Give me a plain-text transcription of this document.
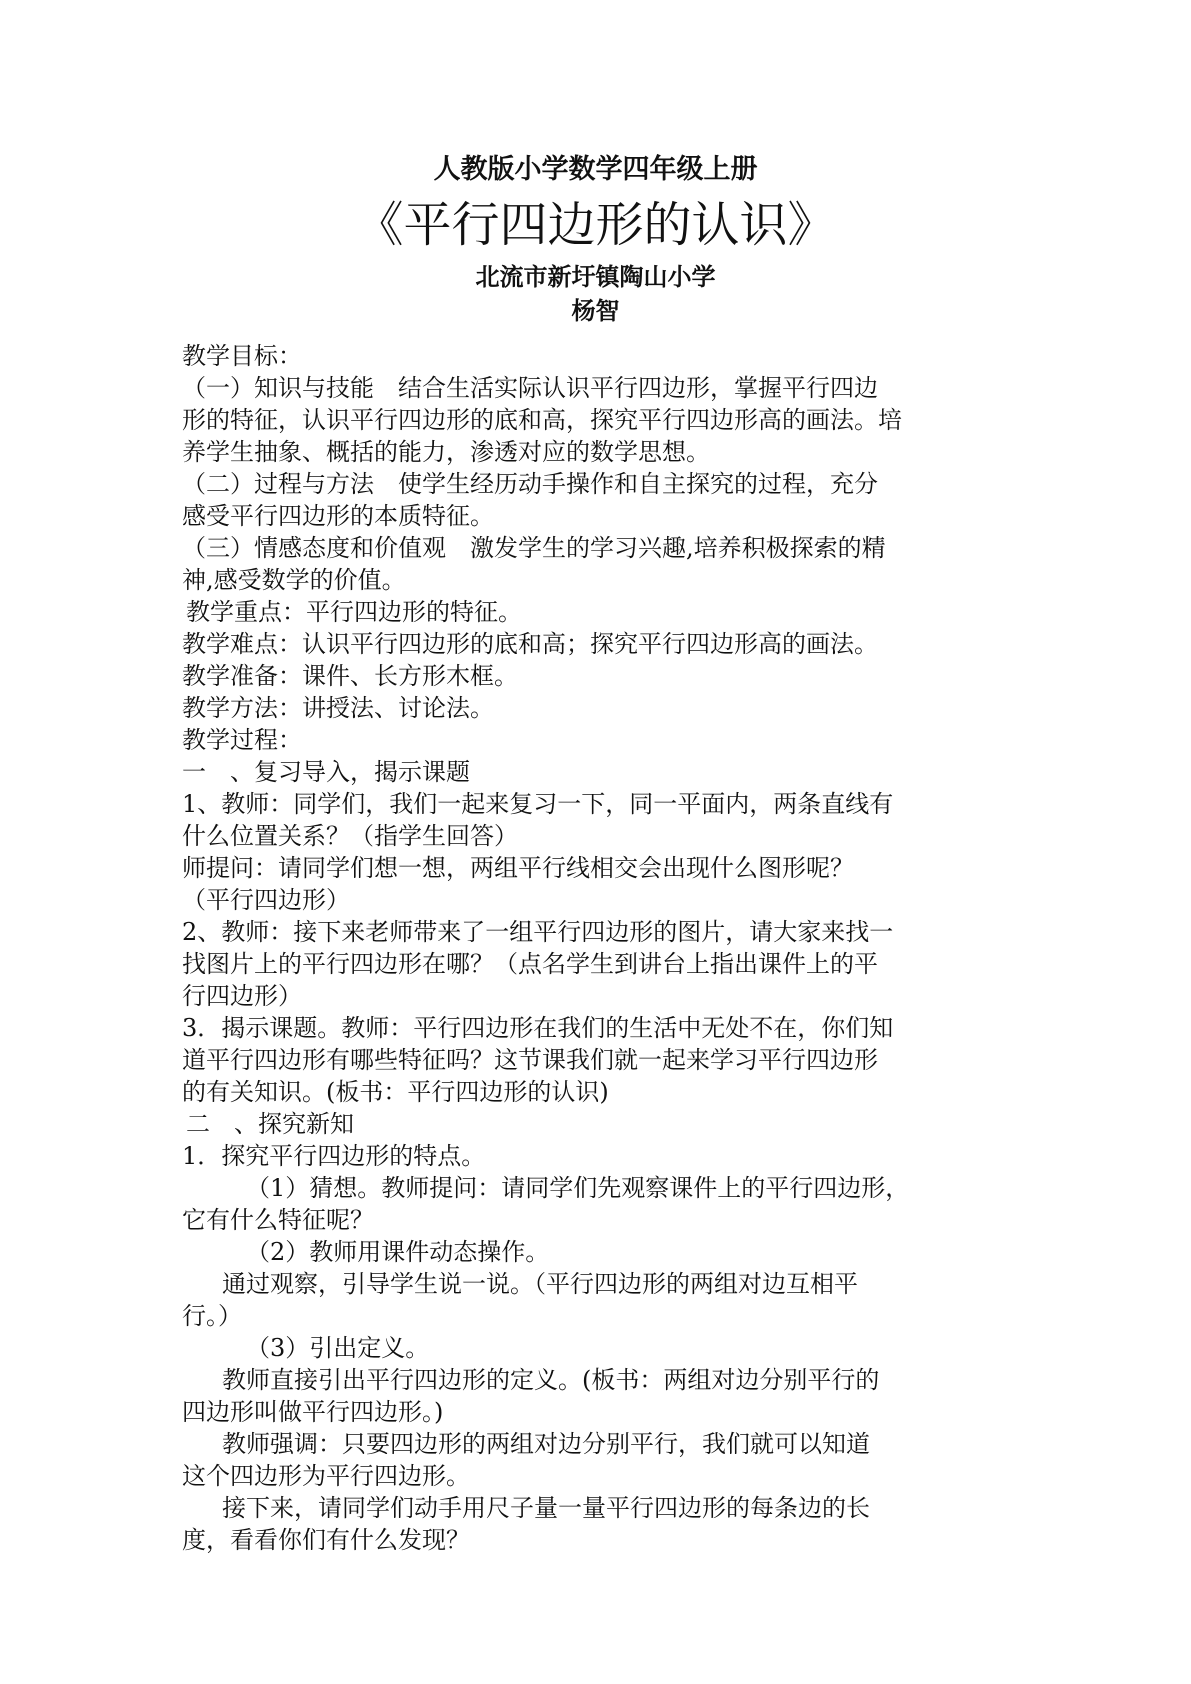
人教版小学数学四年级上册
《平行四边形的认识》
北流市新圩镇陶山小学
杨智
教学目标：
（一）知识与技能　结合生活实际认识平行四边形，掌握平行四边
形的特征，认识平行四边形的底和高，探究平行四边形高的画法。培
养学生抽象、概括的能力，渗透对应的数学思想。
（二）过程与方法　使学生经历动手操作和自主探究的过程，充分
感受平行四边形的本质特征。
（三）情感态度和价值观　激发学生的学习兴趣,培养积极探索的精
神,感受数学的价值。
教学重点：平行四边形的特征。
教学难点：认识平行四边形的底和高；探究平行四边形高的画法。
教学准备：课件、长方形木框。
教学方法：讲授法、讨论法。
教学过程：
一　、复习导入，揭示课题
1、教师：同学们，我们一起来复习一下，同一平面内，两条直线有
什么位置关系？（指学生回答）
师提问：请同学们想一想，两组平行线相交会出现什么图形呢？
（平行四边形）
2、教师：接下来老师带来了一组平行四边形的图片，请大家来找一
找图片上的平行四边形在哪？（点名学生到讲台上指出课件上的平
行四边形）
3．揭示课题。教师：平行四边形在我们的生活中无处不在，你们知
道平行四边形有哪些特征吗？这节课我们就一起来学习平行四边形
的有关知识。(板书：平行四边形的认识)
二　、探究新知
1．探究平行四边形的特点。
（1）猜想。教师提问：请同学们先观察课件上的平行四边形，
它有什么特征呢？
（2）教师用课件动态操作。
通过观察，引导学生说一说。（平行四边形的两组对边互相平
行。）
（3）引出定义。
教师直接引出平行四边形的定义。(板书：两组对边分别平行的
四边形叫做平行四边形。)
教师强调：只要四边形的两组对边分别平行，我们就可以知道
这个四边形为平行四边形。
接下来，请同学们动手用尺子量一量平行四边形的每条边的长
度，看看你们有什么发现？
